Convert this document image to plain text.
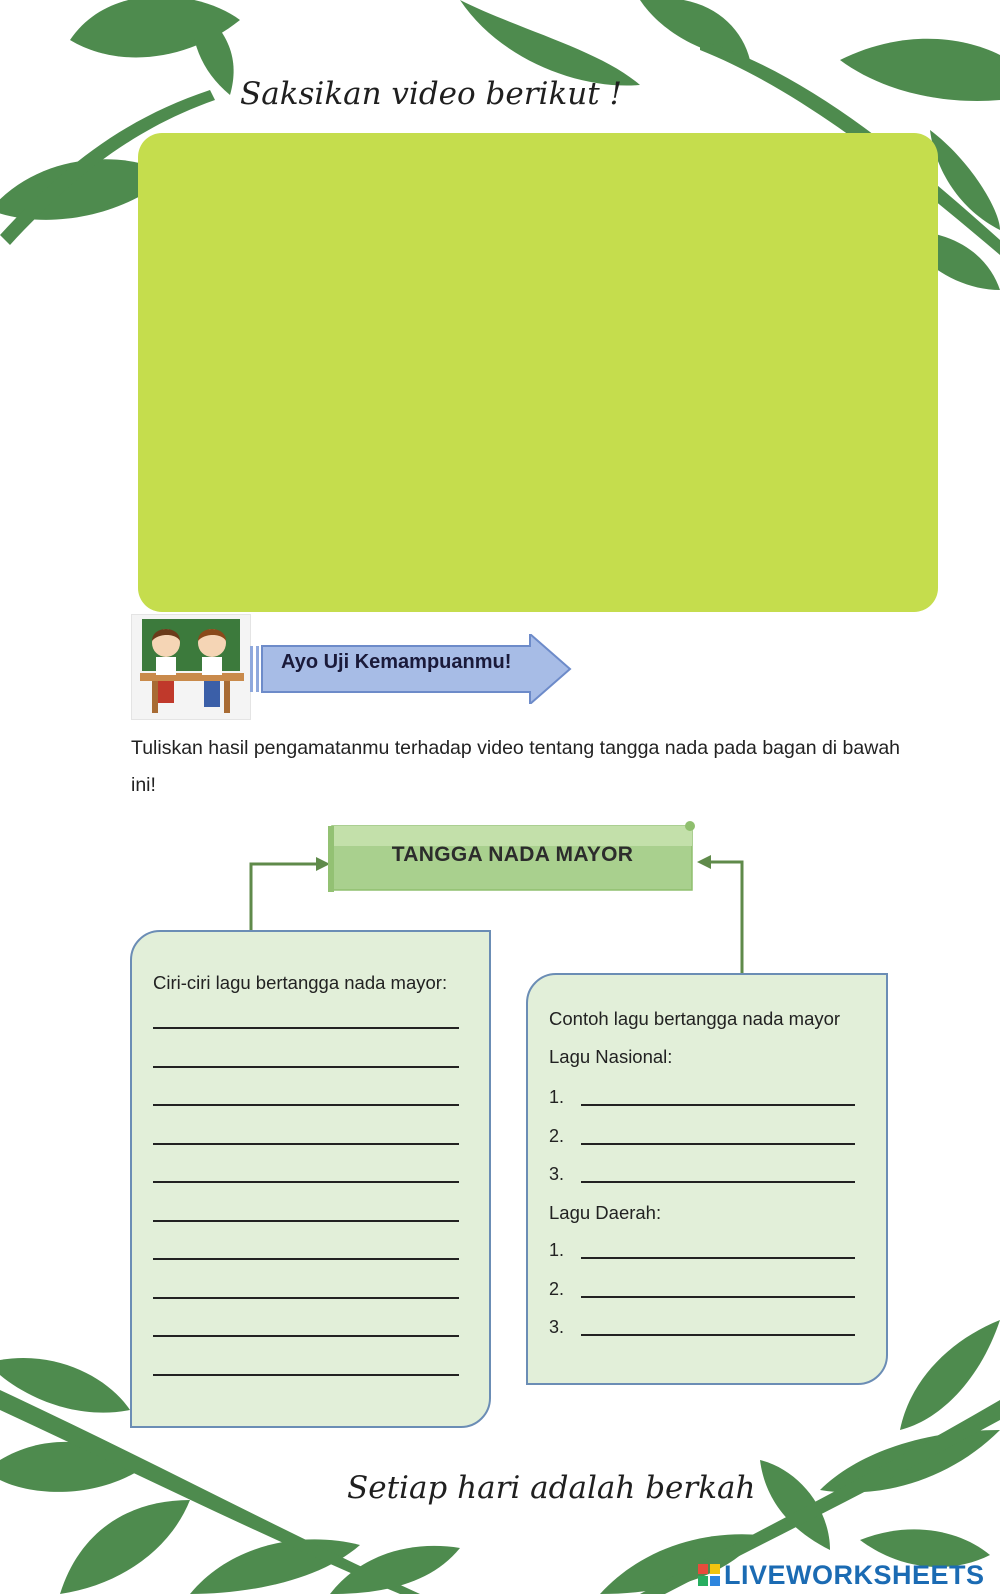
Saksikan video berikut !
Ayo Uji Kemampuanmu!
Tuliskan hasil pengamatanmu terhadap video tentang tangga nada pada bagan di bawah ini!
TANGGA NADA MAYOR
Ciri-ciri lagu bertangga nada mayor:
Contoh lagu bertangga nada mayor
Lagu Nasional:
1.
2.
3.
Lagu Daerah:
1.
2.
3.
Setiap hari adalah berkah
LIVEWORKSHEETS
